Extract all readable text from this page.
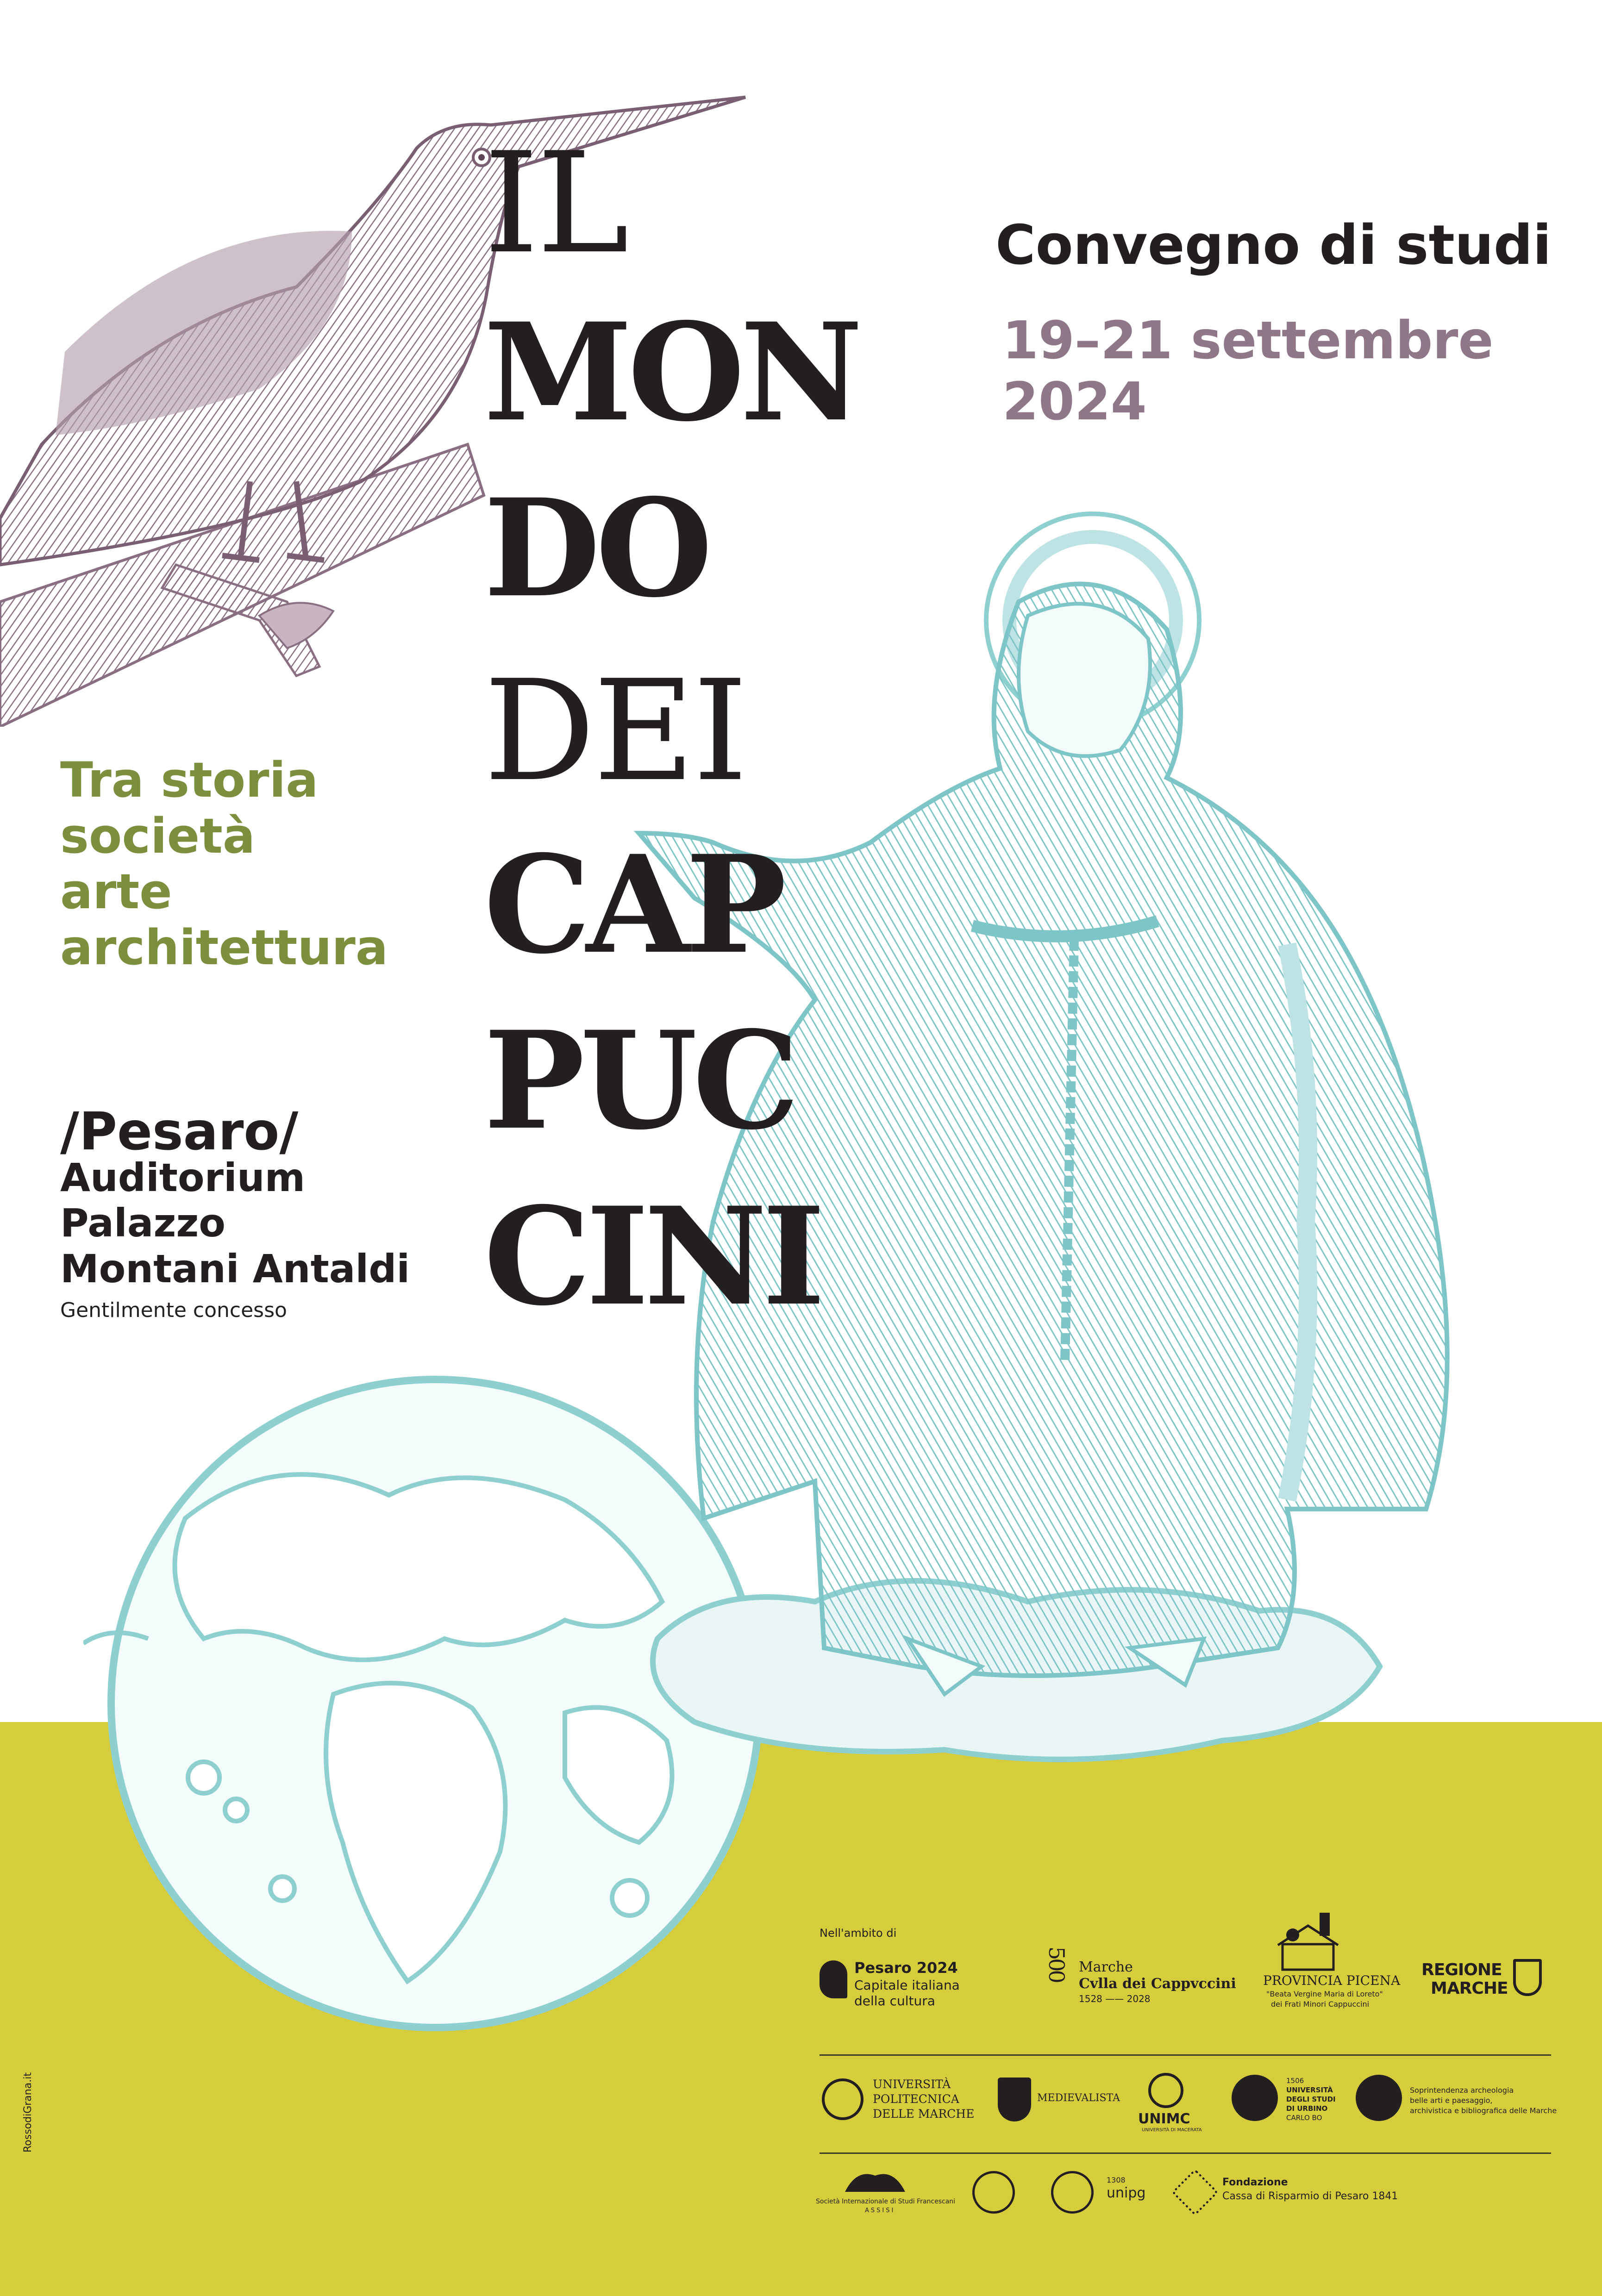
IL
MON
DO
DEI
CAP
PUC
CINI
Convegno di studi
19–21 settembre
2024
Tra storia
società
arte
architettura
/Pesaro/
Auditorium
Palazzo
Montani Antaldi
Gentilmente concesso
RossodiGrana.it
Nell'ambito di
Pesaro 2024
Capitale italiana
della cultura
500 Marche
Cvlla dei Cappvccini
1528 —— 2028
PROVINCIA PICENA
"Beata Vergine Maria di Loreto"
dei Frati Minori Cappuccini
REGIONE
MARCHE
UNIVERSITÀ
POLITECNICA
DELLE MARCHE
MEDIEVALISTA
UNIMC
UNIVERSITÀ DI MACERATA
1506
UNIVERSITÀ
DEGLI STUDI
DI URBINO
CARLO BO
Soprintendenza archeologia
belle arti e paesaggio,
archivistica e bibliografica delle Marche
Società Internazionale di Studi Francescani
ASSISI
1308
unipg
Fondazione
Cassa di Risparmio di Pesaro 1841
